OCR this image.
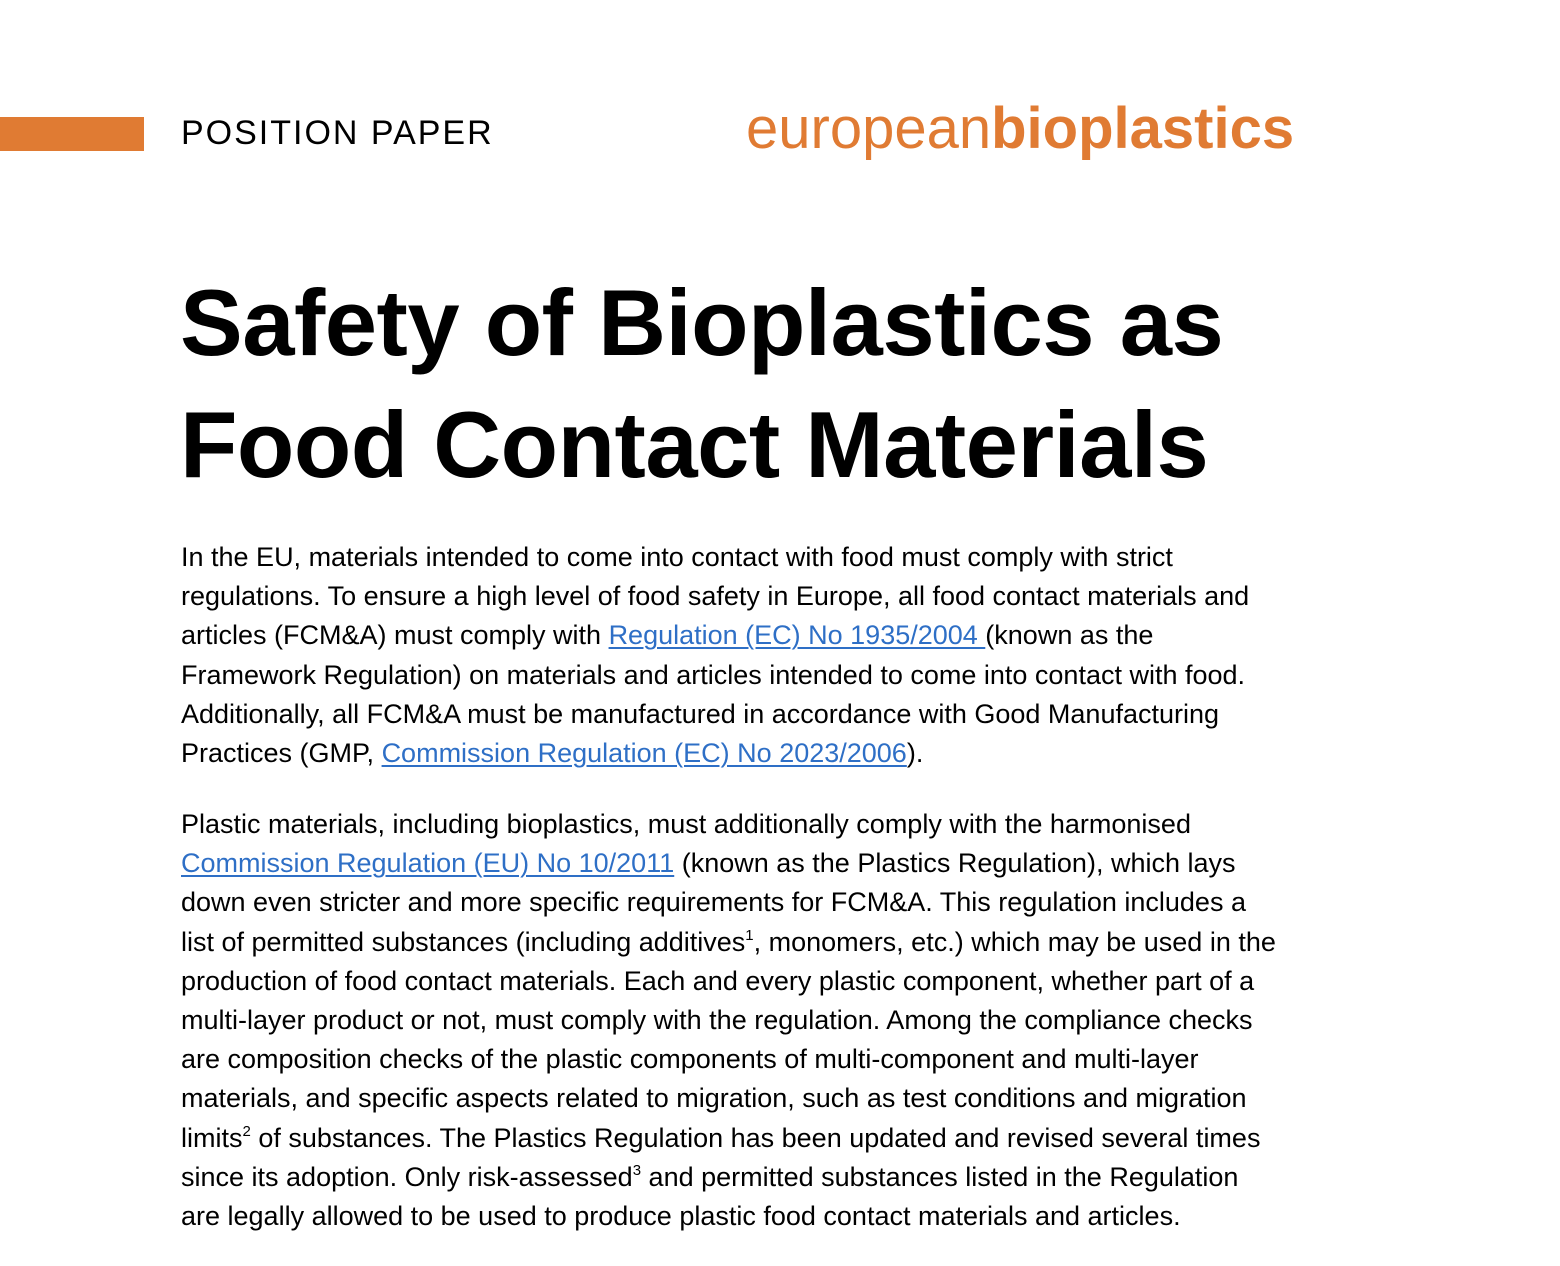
POSITION PAPER	europeanbioplastics
Safety of Bioplastics as
Food Contact Materials

In the EU, materials intended to come into contact with food must comply with strict
regulations. To ensure a high level of food safety in Europe, all food contact materials and
articles (FCM&A) must comply with Regulation (EC) No 1935/2004 (known as the
Framework Regulation) on materials and articles intended to come into contact with food.
Additionally, all FCM&A must be manufactured in accordance with Good Manufacturing
Practices (GMP, Commission Regulation (EC) No 2023/2006).

Plastic materials, including bioplastics, must additionally comply with the harmonised
Commission Regulation (EU) No 10/2011 (known as the Plastics Regulation), which lays
down even stricter and more specific requirements for FCM&A. This regulation includes a
list of permitted substances (including additives$^1$, monomers, etc.) which may be used in the
production of food contact materials. Each and every plastic component, whether part of a
multi-layer product or not, must comply with the regulation. Among the compliance checks
are composition checks of the plastic components of multi-component and multi-layer
materials, and specific aspects related to migration, such as test conditions and migration
limits$^2$ of substances. The Plastics Regulation has been updated and revised several times
since its adoption. Only risk-assessed$^3$ and permitted substances listed in the Regulation
are legally allowed to be used to produce plastic food contact materials and articles.
